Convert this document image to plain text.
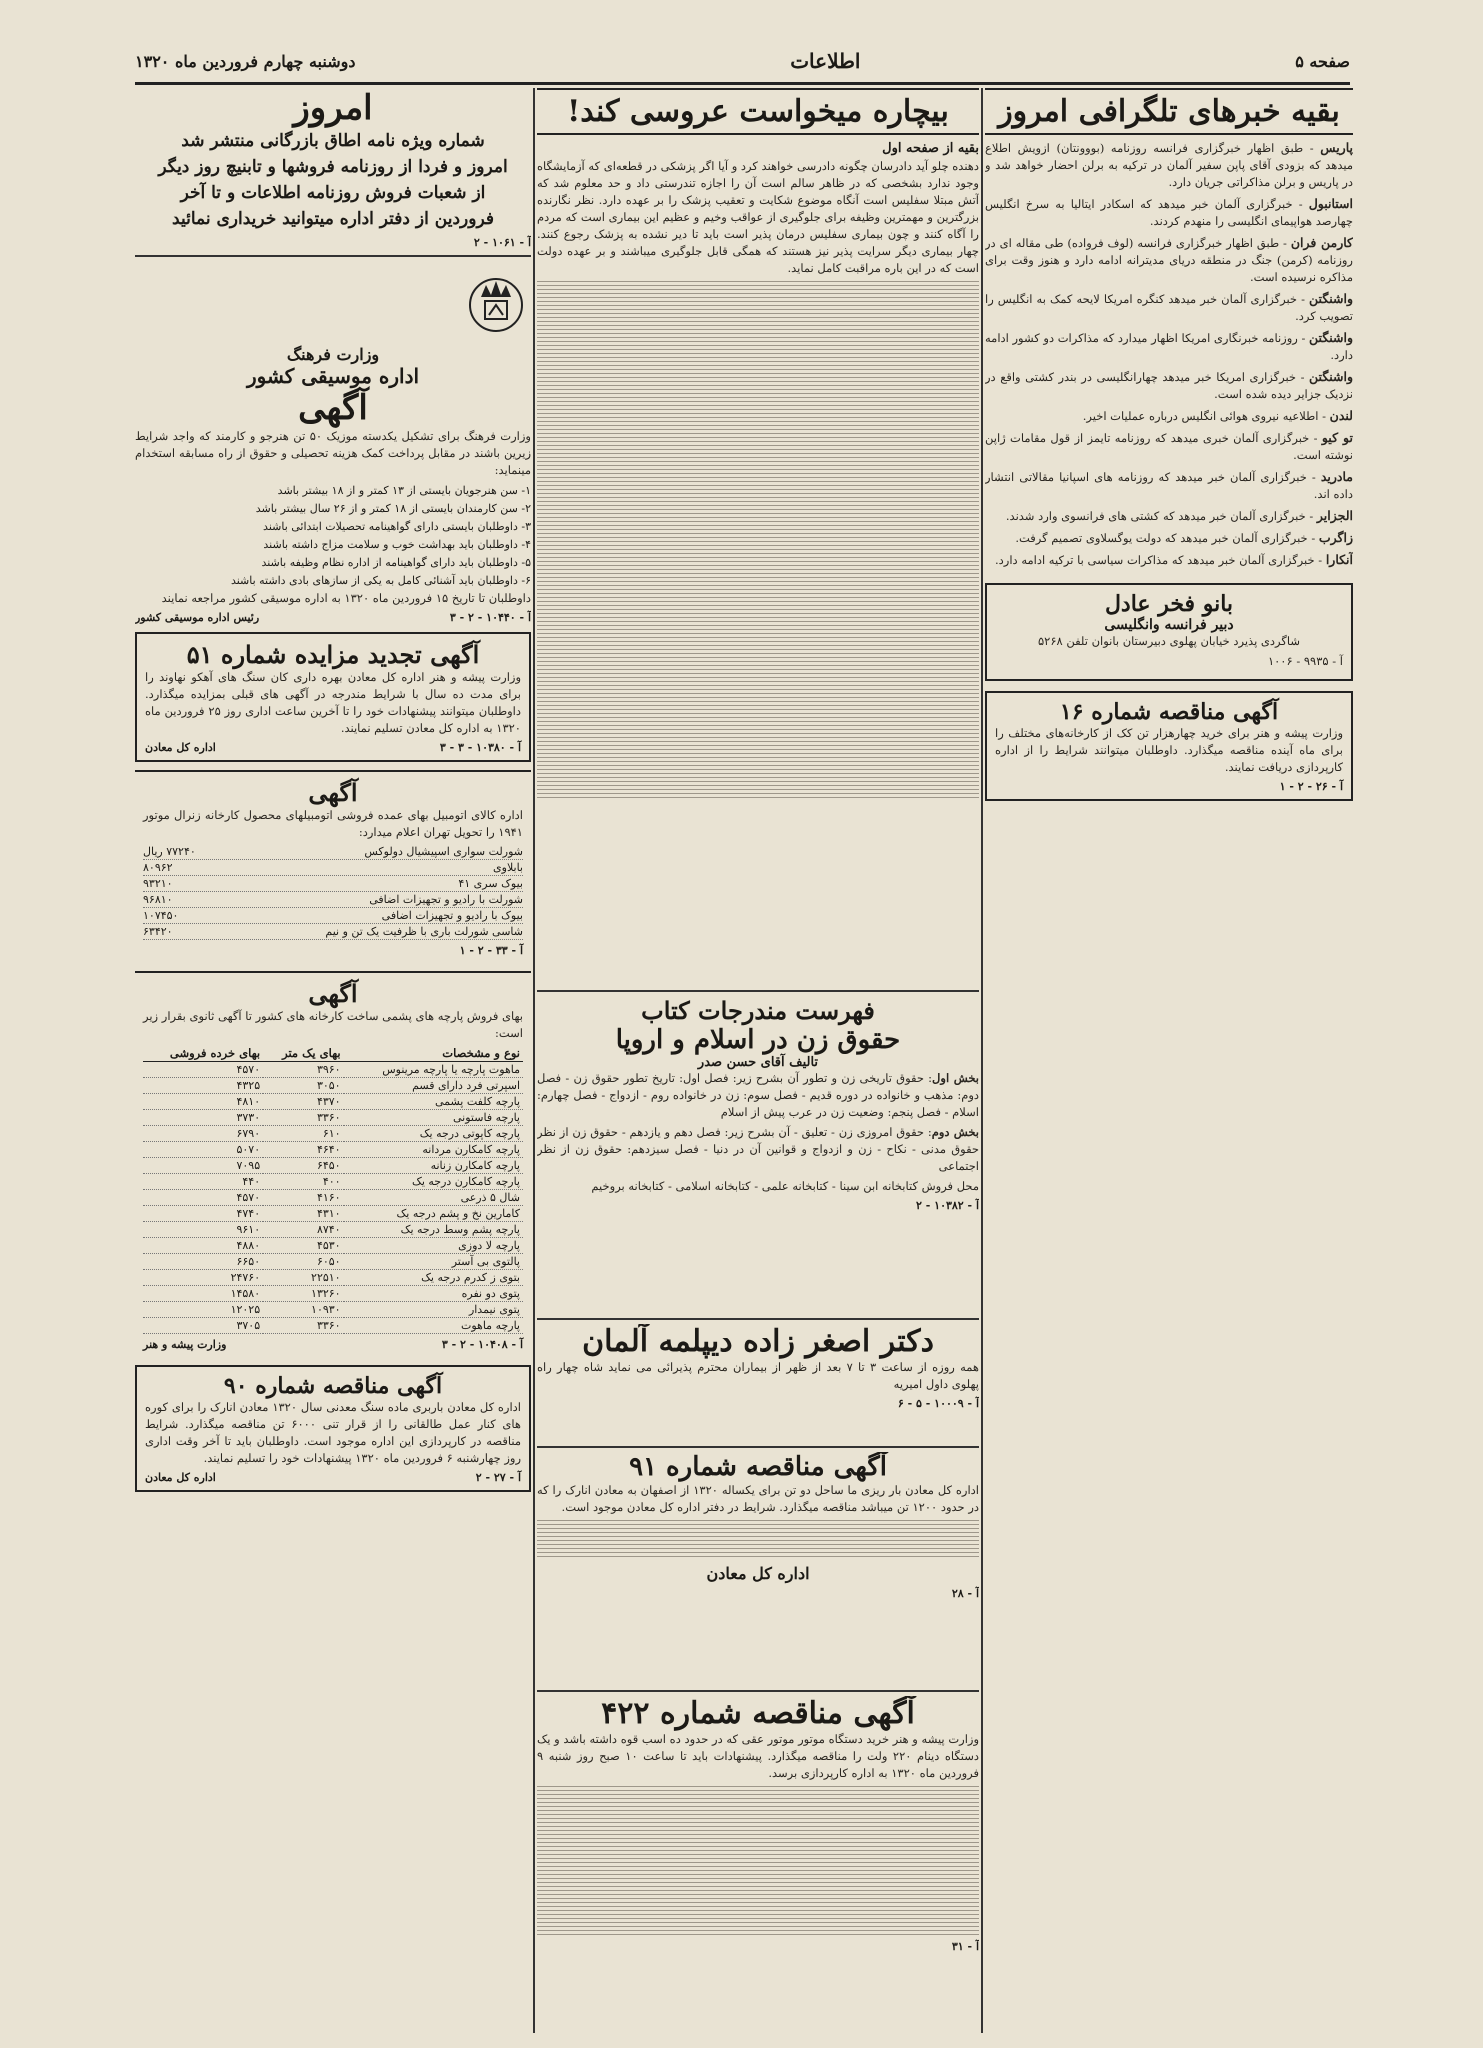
صفحه ۵
اطلاعات
دوشنبه چهارم فروردین ماه ۱۳۲۰
بقیه خبرهای تلگرافی امروز
پاریس - طبق اظهار خبرگزاری فرانسه روزنامه (بووونتان) ازویش اطلاع میدهد که بزودی آقای پاپن سفیر آلمان در ترکیه به برلن احضار خواهد شد و در پاریس و برلن مذاکراتی جریان دارد.
استانبول - خبرگزاری آلمان خبر میدهد که اسکادر ایتالیا به سرخ انگلیس چهارصد هواپیمای انگلیسی را منهدم کردند.
کارمن فران - طبق اظهار خبرگزاری فرانسه (لوف فرواده) طی مقاله ای در روزنامه (کرمن) جنگ در منطقه دریای مدیترانه ادامه دارد و هنوز وقت برای مذاکره نرسیده است.
واشنگتن - خبرگزاری آلمان خبر میدهد کنگره امریکا لایحه کمک به انگلیس را تصویب کرد.
واشنگتن - روزنامه خبرنگاری امریکا اظهار میدارد که مذاکرات دو کشور ادامه دارد.
واشنگتن - خبرگزاری امریکا خبر میدهد چهارانگلیسی در بندر کشتی واقع در نزدیک جزایر دیده شده است.
لندن - اطلاعیه نیروی هوائی انگلیس درباره عملیات اخیر.
تو کیو - خبرگزاری آلمان خبری میدهد که روزنامه تایمز از قول مقامات ژاپن نوشته است.
مادرید - خبرگزاری آلمان خبر میدهد که روزنامه های اسپانیا مقالاتی انتشار داده اند.
الجزایر - خبرگزاری آلمان خبر میدهد که کشتی های فرانسوی وارد شدند.
زاگرب - خبرگزاری آلمان خبر میدهد که دولت یوگسلاوی تصمیم گرفت.
آنکارا - خبرگزاری آلمان خبر میدهد که مذاکرات سیاسی با ترکیه ادامه دارد.
بانو فخر عادل
دبیر فرانسه وانگلیسی
شاگردی پذیرد خیابان پهلوی دبیرستان بانوان تلفن ۵۲۶۸
آ - ۹۹۳۵ - ۱۰۰۶
آگهی مناقصه شماره ۱۶
وزارت پیشه و هنر برای خرید چهارهزار تن کک از کارخانه‌های مختلف را برای ماه آینده مناقصه میگذارد. داوطلبان میتوانند شرایط را از اداره کارپردازی دریافت نمایند.
آ - ۲۶ - ۲ - ۱
بیچاره میخواست عروسی کند!
بقیه از صفحه اول

دهنده چلو آید دادرسان چگونه دادرسی خواهند کرد و آیا اگر پزشکی در قطعه‌ای که آزمایشگاه وجود ندارد بشخصی که در ظاهر سالم است آن را اجازه تندرستی داد و حد معلوم شد که آتش مبتلا سفلیس است آنگاه موضوع شکایت و تعقیب پزشک را بر عهده دارد. نظر نگارنده بزرگترین و مهمترین وظیفه برای جلوگیری از عواقب وخیم و عظیم این بیماری است که مردم را آگاه کنند و چون بیماری سفلیس درمان پذیر است باید تا دیر نشده به پزشک رجوع کنند. چهار بیماری دیگر سرایت پذیر نیز هستند که همگی قابل جلوگیری میباشند و بر عهده دولت است که در این باره مراقبت کامل نماید.

فهرست مندرجات کتاب
حقوق زن در اسلام و اروپا
تالیف آقای حسن صدر
بخش اول: حقوق تاریخی زن و تطور آن بشرح زیر: فصل اول: تاریخ تطور حقوق زن - فصل دوم: مذهب و خانواده در دوره قدیم - فصل سوم: زن در خانواده روم - ازدواج - فصل چهارم: اسلام - فصل پنجم: وضعیت زن در عرب پیش از اسلام
بخش دوم: حقوق امروزی زن - تعلیق - آن بشرح زیر: فصل دهم و یازدهم - حقوق زن از نظر حقوق مدنی - نکاح - زن و ازدواج و قوانین آن در دنیا - فصل سیزدهم: حقوق زن از نظر اجتماعی
محل فروش کتابخانه ابن سینا - کتابخانه علمی - کتابخانه اسلامی - کتابخانه بروخیم
آ - ۱۰۳۸۲ - ۲
دکتر اصغر زاده دیپلمه آلمان
همه روزه از ساعت ۳ تا ۷ بعد از ظهر از بیماران محترم پذیرائی می نماید شاه چهار راه پهلوی داول امیریه
آ - ۱۰۰۰۹ - ۵ - ۶
آگهی مناقصه شماره ۹۱
اداره کل معادن بار ریزی ما ساحل دو تن برای یکساله ۱۳۲۰ از اصفهان به معادن انارک را که در حدود ۱۲۰۰ تن میباشد مناقصه میگذارد. شرایط در دفتر اداره کل معادن موجود است.
اداره کل معادن
آ - ۲۸
آگهی مناقصه شماره ۴۲۲
وزارت پیشه و هنر خرید دستگاه موتور موتور عقی که در حدود ده اسب قوه داشته باشد و یک دستگاه دینام ۲۲۰ ولت را مناقصه میگذارد. پیشنهادات باید تا ساعت ۱۰ صبح روز شنبه ۹ فروردین ماه ۱۳۲۰ به اداره کارپردازی برسد.
آ - ۳۱
امروز
شماره ویژه نامه اطاق بازرگانی منتشر شد
امروز و فردا از روزنامه فروشها و تابنیچ روز دیگر
از شعبات فروش روزنامه اطلاعات و تا آخر
فروردین از دفتر اداره میتوانید خریداری نمائید
آ - ۱۰۶۱ - ۲
وزارت فرهنگ
اداره موسیقی کشور
آگهی
وزارت فرهنگ برای تشکیل یکدسته موزیک ۵۰ تن هنرجو و کارمند که واجد شرایط زیرین باشند در مقابل پرداخت کمک هزینه تحصیلی و حقوق از راه مسابقه استخدام مینماید:
۱- سن هنرجویان بایستی از ۱۳ کمتر و از ۱۸ بیشتر باشد
۲- سن کارمندان بایستی از ۱۸ کمتر و از ۲۶ سال بیشتر باشد
۳- داوطلبان بایستی دارای گواهینامه تحصیلات ابتدائی باشند
۴- داوطلبان باید بهداشت خوب و سلامت مزاج داشته باشند
۵- داوطلبان باید دارای گواهینامه از اداره نظام وظیفه باشند
۶- داوطلبان باید آشنائی کامل به یکی از سازهای بادی داشته باشند
داوطلبان تا تاریخ ۱۵ فروردین ماه ۱۳۲۰ به اداره موسیقی کشور مراجعه نمایند
آ - ۱۰۴۴۰ - ۲ - ۳
رئیس اداره موسیقی کشور
آگهی تجدید مزایده شماره ۵۱
وزارت پیشه و هنر اداره کل معادن بهره داری کان سنگ های آهکو نهاوند را برای مدت ده سال با شرایط مندرجه در آگهی های قبلی بمزایده میگذارد. داوطلبان میتوانند پیشنهادات خود را تا آخرین ساعت اداری روز ۲۵ فروردین ماه ۱۳۲۰ به اداره کل معادن تسلیم نمایند.
آ - ۱۰۳۸۰ - ۳ - ۳
اداره کل معادن
آگهی
اداره کالای اتومبیل بهای عمده فروشی اتومبیلهای محصول کارخانه زنرال موتور ۱۹۴۱ را تحویل تهران اعلام میدارد:
شورلت سواری اسپیشیال دولوکس
۷۷۲۴۰ ریال
بابلاوی
۸۰۹۶۲
بیوک سری ۴۱
۹۳۲۱۰
شورلت با رادیو و تجهیزات اضافی
۹۶۸۱۰
بیوک با رادیو و تجهیزات اضافی
۱۰۷۴۵۰
شاسی شورلت باری با ظرفیت یک تن و نیم
۶۳۴۲۰
آ - ۳۳ - ۲ - ۱
آگهی
بهای فروش پارچه های پشمی ساخت کارخانه های کشور تا آگهی ثانوی بقرار زیر است:
نوع و مشخصات	بهای یک متر	بهای خرده فروشی
ماهوت پارچه یا پارچه مرینوس	۳۹۶۰	۴۵۷۰
اسپرتی فرد دارای قسم	۳۰۵۰	۴۳۲۵
پارچه کلفت پشمی	۴۳۷۰	۴۸۱۰
پارچه فاستونی	۳۳۶۰	۳۷۳۰
پارچه کاپوتی درجه یک	۶۱۰	۶۷۹۰
پارچه کامکارن مردانه	۴۶۴۰	۵۰۷۰
پارچه کامکارن زنانه	۶۴۵۰	۷۰۹۵
پارچه کامکارن درجه یک	۴۰۰	۴۴۰
شال ۵ ذرعی	۴۱۶۰	۴۵۷۰
کامارین نخ و پشم درجه یک	۴۳۱۰	۴۷۴۰
پارچه پشم وسط درجه یک	۸۷۴۰	۹۶۱۰
پارچه لا دوزی	۴۵۳۰	۴۸۸۰
پالتوی بی آستر	۶۰۵۰	۶۶۵۰
بتوی ز کدرم درجه یک	۲۲۵۱۰	۲۴۷۶۰
پتوی دو نفره	۱۳۲۶۰	۱۴۵۸۰
پتوی نیمدار	۱۰۹۳۰	۱۲۰۲۵
پارچه ماهوت	۳۳۶۰	۳۷۰۵
آ - ۱۰۴۰۸ - ۲ - ۳
وزارت پیشه و هنر
آگهی مناقصه شماره ۹۰
اداره کل معادن باربری ماده سنگ معدنی سال ۱۳۲۰ معادن انارک را برای کوره های کنار عمل طالقانی را از قرار تنی ۶۰۰۰ تن مناقصه میگذارد. شرایط مناقصه در کارپردازی این اداره موجود است. داوطلبان باید تا آخر وقت اداری روز چهارشنبه ۶ فروردین ماه ۱۳۲۰ پیشنهادات خود را تسلیم نمایند.
آ - ۲۷ - ۲
اداره کل معادن
